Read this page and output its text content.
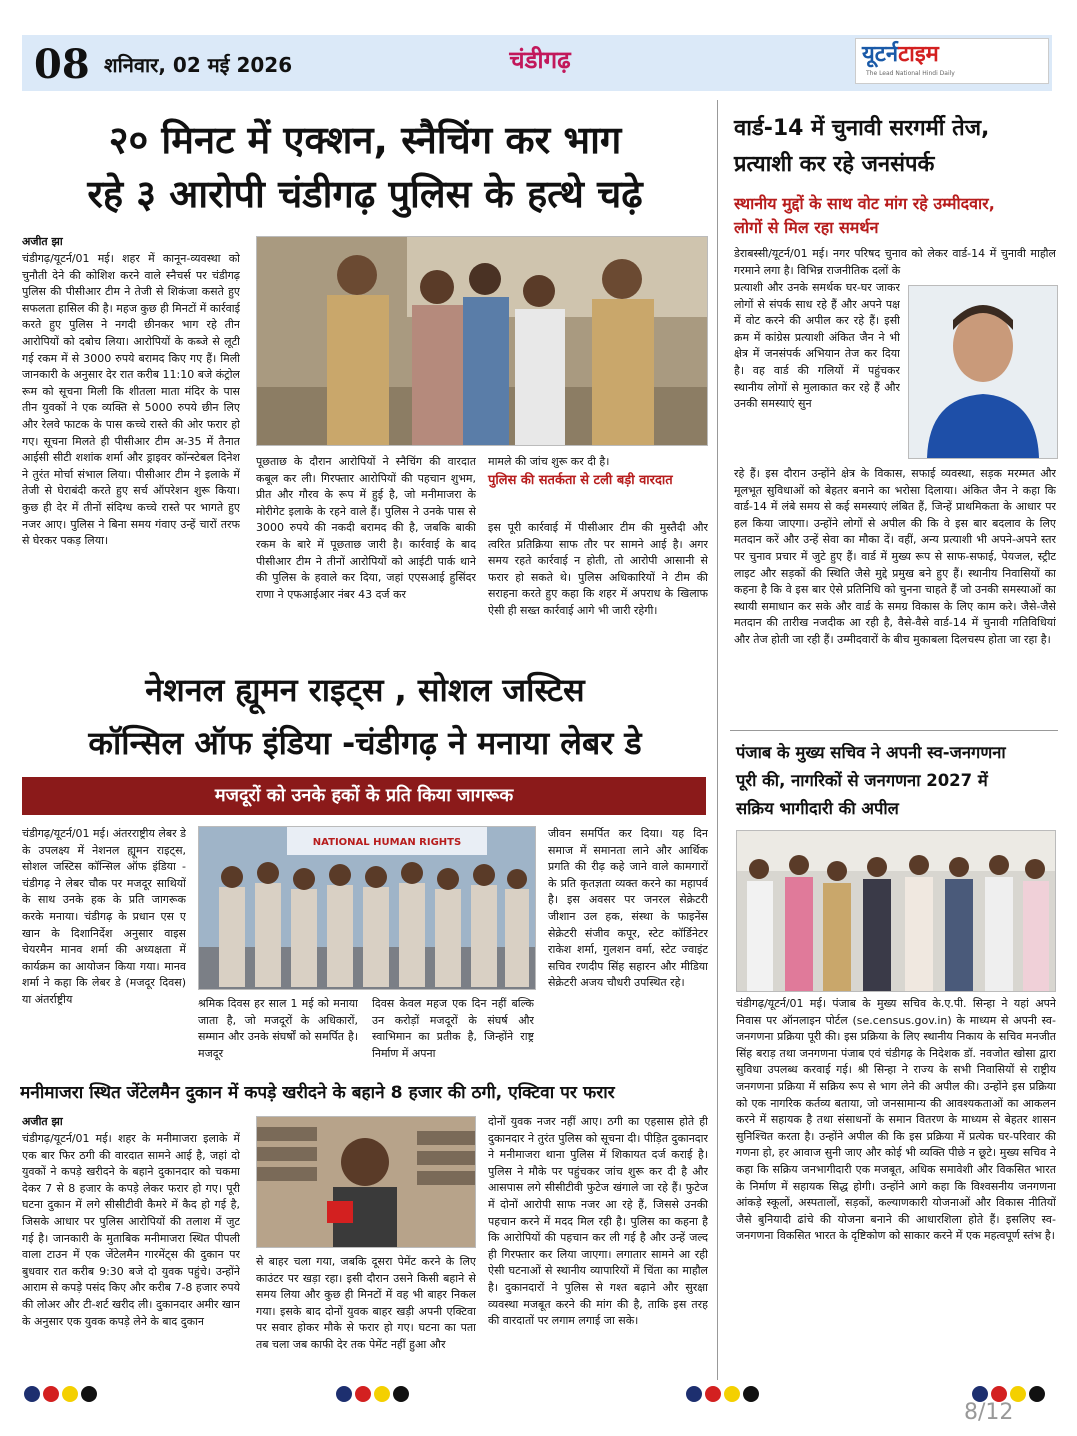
08 शनिवार, 02 मई 2026	चंडीगढ़	यूटर्नटाइम
The Lead National Hindi Daily
२० मिनट में एक्शन, स्नैचिंग कर भाग
रहे ३ आरोपी चंडीगढ़ पुलिस के हत्थे चढ़े
अजीत झा
चंडीगढ़/यूटर्न/01 मई। शहर में कानून-व्यवस्था को चुनौती देने की कोशिश करने वाले स्नैचर्स पर चंडीगढ़ पुलिस की पीसीआर टीम ने तेजी से शिकंजा कसते हुए सफलता हासिल की है। महज कुछ ही मिनटों में कार्रवाई करते हुए पुलिस ने नगदी छीनकर भाग रहे तीन आरोपियों को दबोच लिया। आरोपियों के कब्जे से लूटी गई रकम में से 3000 रुपये बरामद किए गए हैं। मिली जानकारी के अनुसार देर रात करीब 11:10 बजे कंट्रोल रूम को सूचना मिली कि शीतला माता मंदिर के पास तीन युवकों ने एक व्यक्ति से 5000 रुपये छीन लिए और रेलवे फाटक के पास कच्चे रास्ते की ओर फरार हो गए। सूचना मिलते ही पीसीआर टीम अ-35 में तैनात आईसी सीटी शशांक शर्मा और ड्राइवर कॉन्स्टेबल दिनेश ने तुरंत मोर्चा संभाल लिया। पीसीआर टीम ने इलाके में तेजी से घेराबंदी करते हुए सर्च ऑपरेशन शुरू किया। कुछ ही देर में तीनों संदिग्ध कच्चे रास्ते पर भागते हुए नजर आए। पुलिस ने बिना समय गंवाए उन्हें चारों तरफ से घेरकर पकड़ लिया।
पूछताछ के दौरान आरोपियों ने स्नैचिंग की वारदात कबूल कर ली। गिरफ्तार आरोपियों की पहचान शुभम, प्रीत और गौरव के रूप में हुई है, जो मनीमाजरा के मोरीगेट इलाके के रहने वाले हैं। पुलिस ने उनके पास से 3000 रुपये की नकदी बरामद की है, जबकि बाकी रकम के बारे में पूछताछ जारी है। कार्रवाई के बाद पीसीआर टीम ने तीनों आरोपियों को आईटी पार्क थाने की पुलिस के हवाले कर दिया, जहां एएसआई हुसिंदर राणा ने एफआईआर नंबर 43 दर्ज कर
मामले की जांच शुरू कर दी है।
पुलिस की सतर्कता से टली बड़ी वारदात
इस पूरी कार्रवाई में पीसीआर टीम की मुस्तैदी और त्वरित प्रतिक्रिया साफ तौर पर सामने आई है। अगर समय रहते कार्रवाई न होती, तो आरोपी आसानी से फरार हो सकते थे। पुलिस अधिकारियों ने टीम की सराहना करते हुए कहा कि शहर में अपराध के खिलाफ ऐसी ही सख्त कार्रवाई आगे भी जारी रहेगी।
नेशनल ह्यूमन राइट्स , सोशल जस्टिस
कॉन्सिल ऑफ इंडिया -चंडीगढ़ ने मनाया लेबर डे
मजदूरों को उनके हकों के प्रति किया जागरूक
चंडीगढ़/यूटर्न/01 मई। अंतरराष्ट्रीय लेबर डे के उपलक्ष्य में नेशनल ह्यूमन राइट्स, सोशल जस्टिस कॉन्सिल ऑफ इंडिया - चंडीगढ़ ने लेबर चौक पर मजदूर साथियों के साथ उनके हक के प्रति जागरूक करके मनाया। चंडीगढ़ के प्रधान एस ए खान के दिशानिर्देश अनुसार वाइस चेयरमैन मानव शर्मा की अध्यक्षता में कार्यक्रम का आयोजन किया गया। मानव शर्मा ने कहा कि लेबर डे (मजदूर दिवस) या अंतर्राष्ट्रीय
NATIONAL HUMAN RIGHTS
श्रमिक दिवस हर साल 1 मई को मनाया जाता है, जो मजदूरों के अधिकारों, सम्मान और उनके संघर्षों को समर्पित है। मजदूर
दिवस केवल महज एक दिन नहीं बल्कि उन करोड़ों मजदूरों के संघर्ष और स्वाभिमान का प्रतीक है, जिन्होंने राष्ट्र निर्माण में अपना
जीवन समर्पित कर दिया। यह दिन समाज में समानता लाने और आर्थिक प्रगति की रीढ़ कहे जाने वाले कामगारों के प्रति कृतज्ञता व्यक्त करने का महापर्व है। इस अवसर पर जनरल सेक्रेटरी जीशान उल हक, संस्था के फाइनेंस सेक्रेटरी संजीव कपूर, स्टेट कॉर्डिनेटर राकेश शर्मा, गुलशन वर्मा, स्टेट ज्वाइंट सचिव रणदीप सिंह सहारन और मीडिया सेक्रेटरी अजय चौधरी उपस्थित रहे।
मनीमाजरा स्थित जेंटेलमैन दुकान में कपड़े खरीदने के बहाने 8 हजार की ठगी, एक्टिवा पर फरार
अजीत झा
चंडीगढ़/यूटर्न/01 मई। शहर के मनीमाजरा इलाके में एक बार फिर ठगी की वारदात सामने आई है, जहां दो युवकों ने कपड़े खरीदने के बहाने दुकानदार को चकमा देकर 7 से 8 हजार के कपड़े लेकर फरार हो गए। पूरी घटना दुकान में लगे सीसीटीवी कैमरे में कैद हो गई है, जिसके आधार पर पुलिस आरोपियों की तलाश में जुट गई है। जानकारी के मुताबिक मनीमाजरा स्थित पीपली वाला टाउन में एक जेंटेलमैन गारमेंट्स की दुकान पर बुधवार रात करीब 9:30 बजे दो युवक पहुंचे। उन्होंने आराम से कपड़े पसंद किए और करीब 7-8 हजार रुपये की लोअर और टी-शर्ट खरीद ली। दुकानदार अमीर खान के अनुसार एक युवक कपड़े लेने के बाद दुकान
से बाहर चला गया, जबकि दूसरा पेमेंट करने के लिए काउंटर पर खड़ा रहा। इसी दौरान उसने किसी बहाने से समय लिया और कुछ ही मिनटों में वह भी बाहर निकल गया। इसके बाद दोनों युवक बाहर खड़ी अपनी एक्टिवा पर सवार होकर मौके से फरार हो गए। घटना का पता तब चला जब काफी देर तक पेमेंट नहीं हुआ और
दोनों युवक नजर नहीं आए। ठगी का एहसास होते ही दुकानदार ने तुरंत पुलिस को सूचना दी। पीड़ित दुकानदार ने मनीमाजरा थाना पुलिस में शिकायत दर्ज कराई है। पुलिस ने मौके पर पहुंचकर जांच शुरू कर दी है और आसपास लगे सीसीटीवी फुटेज खंगाले जा रहे हैं। फुटेज में दोनों आरोपी साफ नजर आ रहे हैं, जिससे उनकी पहचान करने में मदद मिल रही है। पुलिस का कहना है कि आरोपियों की पहचान कर ली गई है और उन्हें जल्द ही गिरफ्तार कर लिया जाएगा। लगातार सामने आ रही ऐसी घटनाओं से स्थानीय व्यापारियों में चिंता का माहौल है। दुकानदारों ने पुलिस से गश्त बढ़ाने और सुरक्षा व्यवस्था मजबूत करने की मांग की है, ताकि इस तरह की वारदातों पर लगाम लगाई जा सके।
वार्ड-14 में चुनावी सरगर्मी तेज,
प्रत्याशी कर रहे जनसंपर्क
स्थानीय मुद्दों के साथ वोट मांग रहे उम्मीदवार,
लोगों से मिल रहा समर्थन
डेराबस्सी/यूटर्न/01 मई। नगर परिषद चुनाव को लेकर वार्ड-14 में चुनावी माहौल गरमाने लगा है। विभिन्न राजनीतिक दलों के
प्रत्याशी और उनके समर्थक घर-घर जाकर लोगों से संपर्क साध रहे हैं और अपने पक्ष में वोट करने की अपील कर रहे हैं। इसी क्रम में कांग्रेस प्रत्याशी अंकित जैन ने भी क्षेत्र में जनसंपर्क अभियान तेज कर दिया है। वह वार्ड की गलियों में पहुंचकर स्थानीय लोगों से मुलाकात कर रहे हैं और उनकी समस्याएं सुन
रहे हैं। इस दौरान उन्होंने क्षेत्र के विकास, सफाई व्यवस्था, सड़क मरम्मत और मूलभूत सुविधाओं को बेहतर बनाने का भरोसा दिलाया। अंकित जैन ने कहा कि वार्ड-14 में लंबे समय से कई समस्याएं लंबित हैं, जिन्हें प्राथमिकता के आधार पर हल किया जाएगा। उन्होंने लोगों से अपील की कि वे इस बार बदलाव के लिए मतदान करें और उन्हें सेवा का मौका दें। वहीं, अन्य प्रत्याशी भी अपने-अपने स्तर पर चुनाव प्रचार में जुटे हुए हैं। वार्ड में मुख्य रूप से साफ-सफाई, पेयजल, स्ट्रीट लाइट और सड़कों की स्थिति जैसे मुद्दे प्रमुख बने हुए हैं। स्थानीय निवासियों का कहना है कि वे इस बार ऐसे प्रतिनिधि को चुनना चाहते हैं जो उनकी समस्याओं का स्थायी समाधान कर सके और वार्ड के समग्र विकास के लिए काम करे। जैसे-जैसे मतदान की तारीख नजदीक आ रही है, वैसे-वैसे वार्ड-14 में चुनावी गतिविधियां और तेज होती जा रही हैं। उम्मीदवारों के बीच मुकाबला दिलचस्प होता जा रहा है।
पंजाब के मुख्य सचिव ने अपनी स्व-जनगणना
पूरी की, नागरिकों से जनगणना 2027 में
सक्रिय भागीदारी की अपील
चंडीगढ़/यूटर्न/01 मई। पंजाब के मुख्य सचिव के.ए.पी. सिन्हा ने यहां अपने निवास पर ऑनलाइन पोर्टल (se.census.gov.in) के माध्यम से अपनी स्व-जनगणना प्रक्रिया पूरी की। इस प्रक्रिया के लिए स्थानीय निकाय के सचिव मनजीत सिंह बराड़ तथा जनगणना पंजाब एवं चंडीगढ़ के निदेशक डॉ. नवजोत खोसा द्वारा सुविधा उपलब्ध करवाई गई। श्री सिन्हा ने राज्य के सभी निवासियों से राष्ट्रीय जनगणना प्रक्रिया में सक्रिय रूप से भाग लेने की अपील की। उन्होंने इस प्रक्रिया को एक नागरिक कर्तव्य बताया, जो जनसामान्य की आवश्यकताओं का आकलन करने में सहायक है तथा संसाधनों के समान वितरण के माध्यम से बेहतर शासन सुनिश्चित करता है। उन्होंने अपील की कि इस प्रक्रिया में प्रत्येक घर-परिवार की गणना हो, हर आवाज सुनी जाए और कोई भी व्यक्ति पीछे न छूटे। मुख्य सचिव ने कहा कि सक्रिय जनभागीदारी एक मजबूत, अधिक समावेशी और विकसित भारत के निर्माण में सहायक सिद्ध होगी। उन्होंने आगे कहा कि विश्वसनीय जनगणना आंकड़े स्कूलों, अस्पतालों, सड़कों, कल्याणकारी योजनाओं और विकास नीतियों जैसे बुनियादी ढांचे की योजना बनाने की आधारशिला होते हैं। इसलिए स्व-जनगणना विकसित भारत के दृष्टिकोण को साकार करने में एक महत्वपूर्ण स्तंभ है।
8/12
